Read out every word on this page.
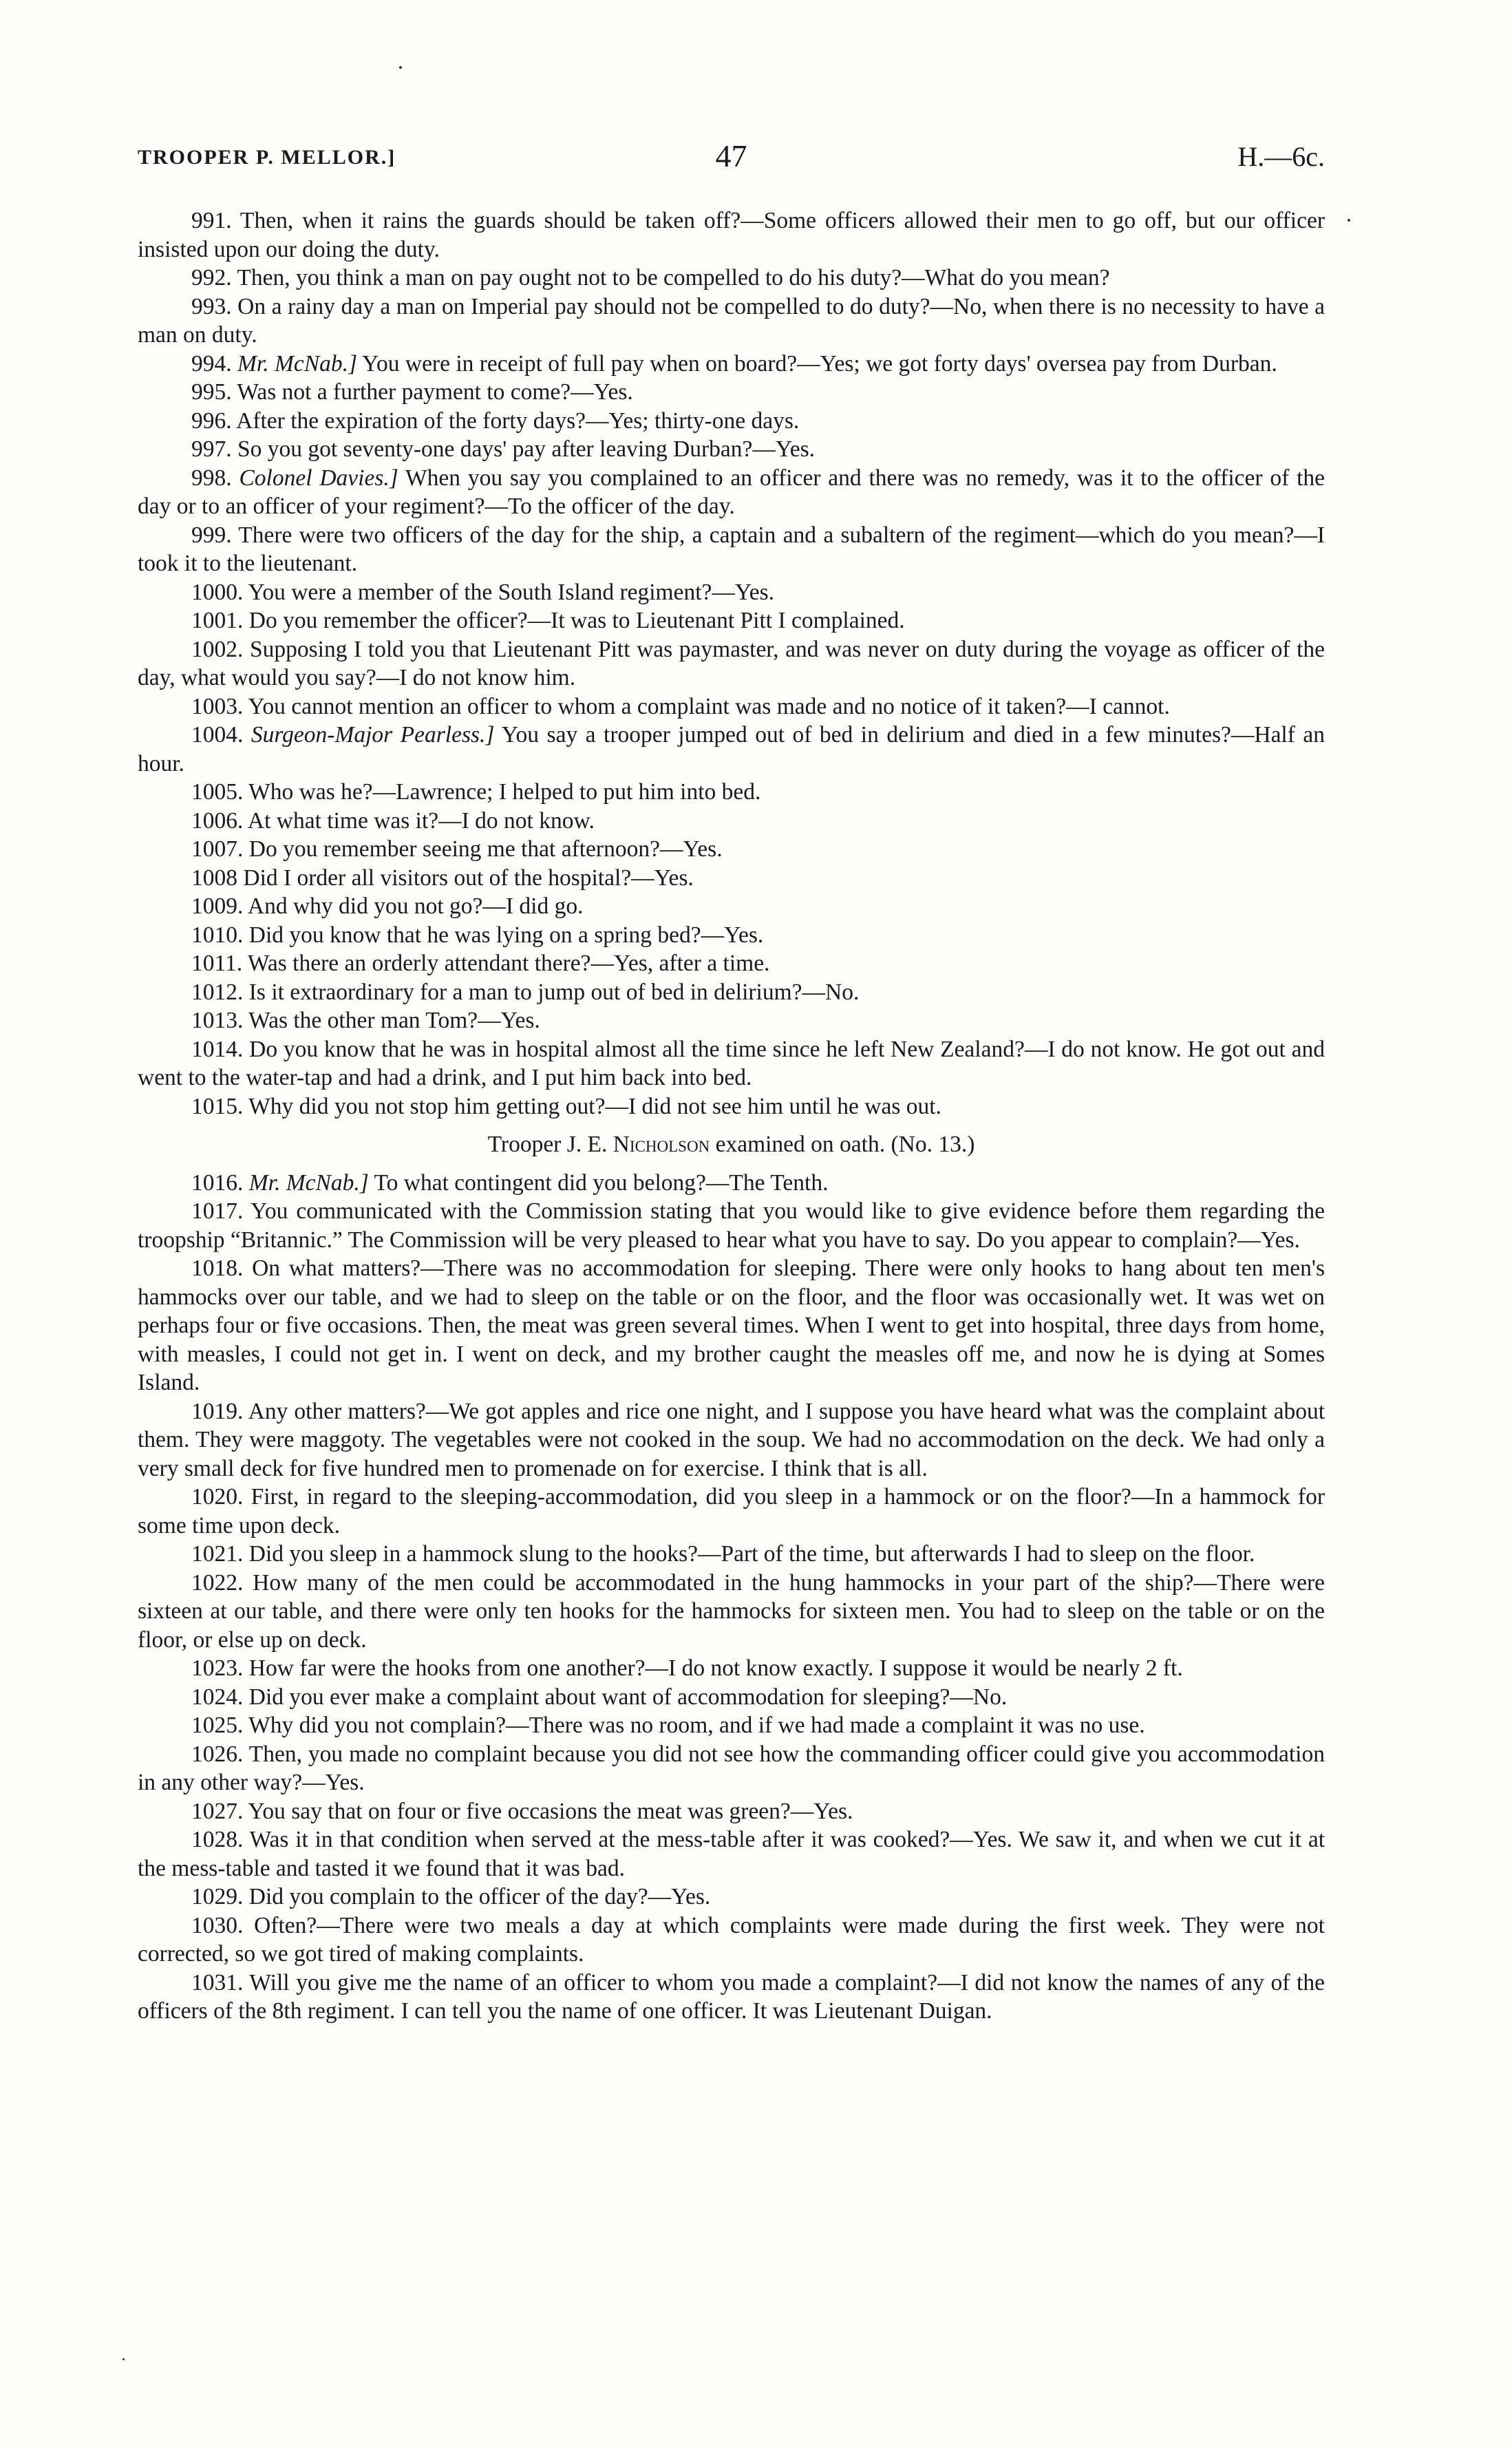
TROOPER P. MELLOR.]	47	H.—6c.

991. Then, when it rains the guards should be taken off?—Some officers allowed their men to go off, but our officer insisted upon our doing the duty.

992. Then, you think a man on pay ought not to be compelled to do his duty?—What do you mean?

993. On a rainy day a man on Imperial pay should not be compelled to do duty?—No, when there is no necessity to have a man on duty.

994. Mr. McNab.] You were in receipt of full pay when on board?—Yes; we got forty days' oversea pay from Durban.

995. Was not a further payment to come?—Yes.

996. After the expiration of the forty days?—Yes; thirty-one days.

997. So you got seventy-one days' pay after leaving Durban?—Yes.

998. Colonel Davies.] When you say you complained to an officer and there was no remedy, was it to the officer of the day or to an officer of your regiment?—To the officer of the day.

999. There were two officers of the day for the ship, a captain and a subaltern of the regiment—which do you mean?—I took it to the lieutenant.

1000. You were a member of the South Island regiment?—Yes.

1001. Do you remember the officer?—It was to Lieutenant Pitt I complained.

1002. Supposing I told you that Lieutenant Pitt was paymaster, and was never on duty during the voyage as officer of the day, what would you say?—I do not know him.

1003. You cannot mention an officer to whom a complaint was made and no notice of it taken?—I cannot.

1004. Surgeon-Major Pearless.] You say a trooper jumped out of bed in delirium and died in a few minutes?—Half an hour.

1005. Who was he?—Lawrence; I helped to put him into bed.

1006. At what time was it?—I do not know.

1007. Do you remember seeing me that afternoon?—Yes.

1008 Did I order all visitors out of the hospital?—Yes.

1009. And why did you not go?—I did go.

1010. Did you know that he was lying on a spring bed?—Yes.

1011. Was there an orderly attendant there?—Yes, after a time.

1012. Is it extraordinary for a man to jump out of bed in delirium?—No.

1013. Was the other man Tom?—Yes.

1014. Do you know that he was in hospital almost all the time since he left New Zealand?—I do not know. He got out and went to the water-tap and had a drink, and I put him back into bed.

1015. Why did you not stop him getting out?—I did not see him until he was out.

Trooper J. E. Nicholson examined on oath. (No. 13.)

1016. Mr. McNab.] To what contingent did you belong?—The Tenth.

1017. You communicated with the Commission stating that you would like to give evidence before them regarding the troopship “Britannic.” The Commission will be very pleased to hear what you have to say. Do you appear to complain?—Yes.

1018. On what matters?—There was no accommodation for sleeping. There were only hooks to hang about ten men's hammocks over our table, and we had to sleep on the table or on the floor, and the floor was occasionally wet. It was wet on perhaps four or five occasions. Then, the meat was green several times. When I went to get into hospital, three days from home, with measles, I could not get in. I went on deck, and my brother caught the measles off me, and now he is dying at Somes Island.

1019. Any other matters?—We got apples and rice one night, and I suppose you have heard what was the complaint about them. They were maggoty. The vegetables were not cooked in the soup. We had no accommodation on the deck. We had only a very small deck for five hundred men to promenade on for exercise. I think that is all.

1020. First, in regard to the sleeping-accommodation, did you sleep in a hammock or on the floor?—In a hammock for some time upon deck.

1021. Did you sleep in a hammock slung to the hooks?—Part of the time, but afterwards I had to sleep on the floor.

1022. How many of the men could be accommodated in the hung hammocks in your part of the ship?—There were sixteen at our table, and there were only ten hooks for the hammocks for sixteen men. You had to sleep on the table or on the floor, or else up on deck.

1023. How far were the hooks from one another?—I do not know exactly. I suppose it would be nearly 2 ft.

1024. Did you ever make a complaint about want of accommodation for sleeping?—No.

1025. Why did you not complain?—There was no room, and if we had made a complaint it was no use.

1026. Then, you made no complaint because you did not see how the commanding officer could give you accommodation in any other way?—Yes.

1027. You say that on four or five occasions the meat was green?—Yes.

1028. Was it in that condition when served at the mess-table after it was cooked?—Yes. We saw it, and when we cut it at the mess-table and tasted it we found that it was bad.

1029. Did you complain to the officer of the day?—Yes.

1030. Often?—There were two meals a day at which complaints were made during the first week. They were not corrected, so we got tired of making complaints.

1031. Will you give me the name of an officer to whom you made a complaint?—I did not know the names of any of the officers of the 8th regiment. I can tell you the name of one officer. It was Lieutenant Duigan.
